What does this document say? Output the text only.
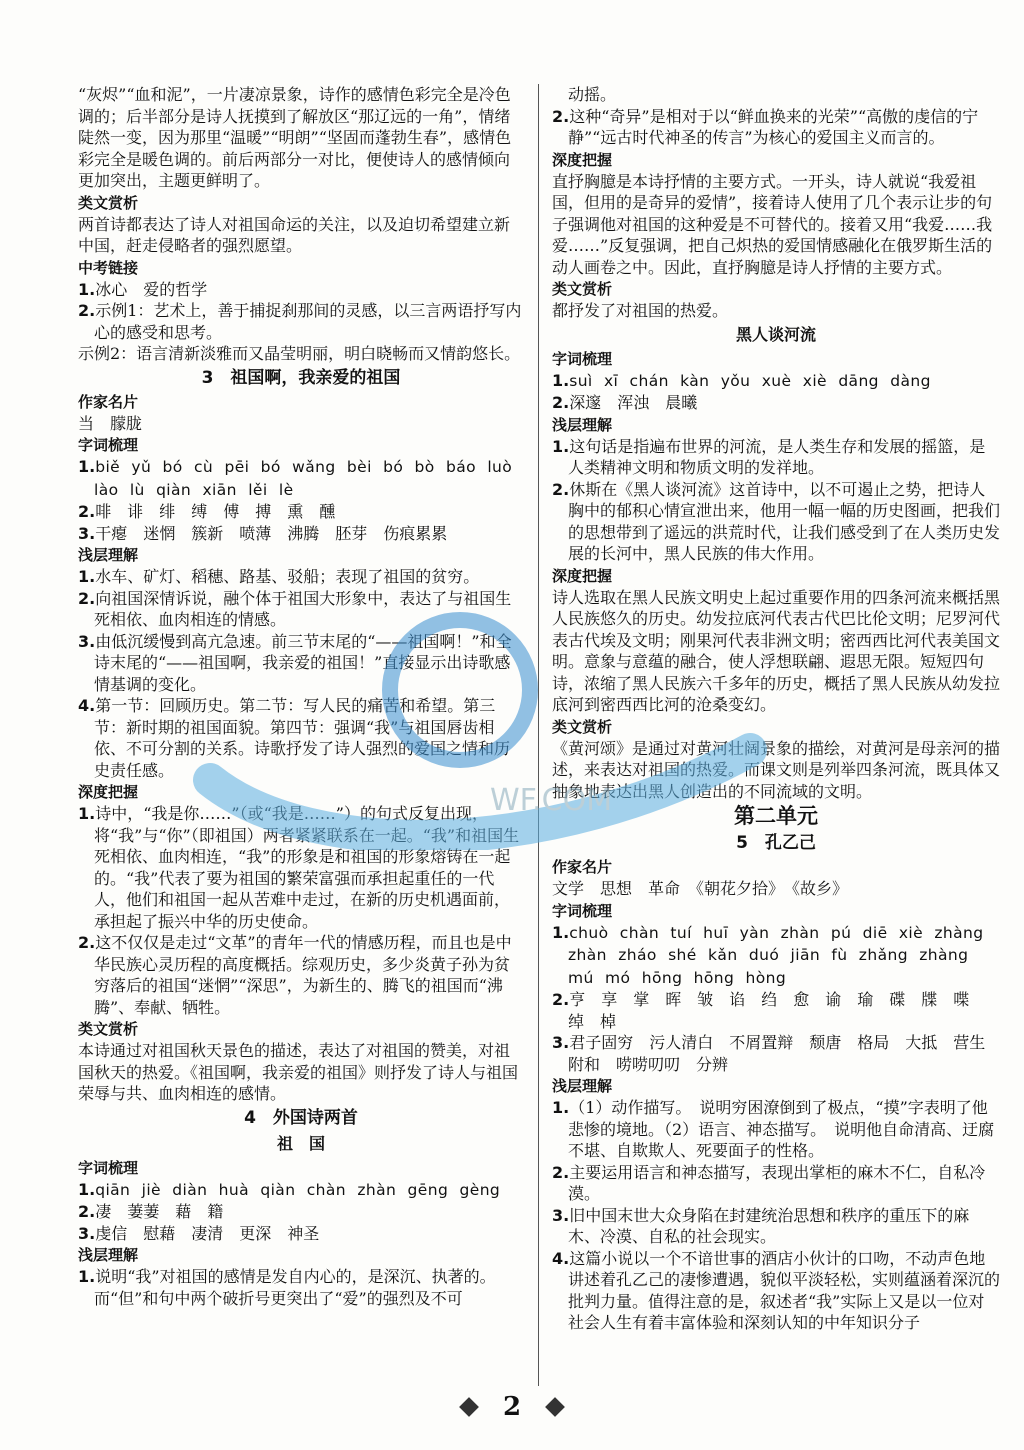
“灰烬”“血和泥”，一片凄凉景象，诗作的感情色彩完全是冷色调的；后半部分是诗人抚摸到了解放区“那辽远的一角”，情绪陡然一变，因为那里“温暖”“明朗”“坚固而蓬勃生春”，感情色彩完全是暖色调的。前后两部分一对比，便使诗人的感情倾向更加突出，主题更鲜明了。

类文赏析

两首诗都表达了诗人对祖国命运的关注，以及迫切希望建立新中国，赶走侵略者的强烈愿望。

中考链接
1.冰心　爱的哲学
2.示例1：艺术上，善于捕捉刹那间的灵感，以三言两语抒写内心的感受和思考。
示例2：语言清新淡雅而又晶莹明丽，明白晓畅而又情韵悠长。
3　祖国啊，我亲爱的祖国
作家名片

当　朦胧

字词梳理
1.biě yǔ bó cù pēi bó wǎng bèi bó bò báo luò lào lù qiàn xiān lěi lè
2.啡　诽　绯　缚　傅　搏　熏　醺
3.干瘪　迷惘　簇新　喷薄　沸腾　胚芽　伤痕累累
浅层理解
1.水车、矿灯、稻穗、路基、驳船；表现了祖国的贫穷。
2.向祖国深情诉说，融个体于祖国大形象中，表达了与祖国生死相依、血肉相连的情感。
3.由低沉缓慢到高亢急速。前三节末尾的“——祖国啊！”和全诗末尾的“——祖国啊，我亲爱的祖国！”直接显示出诗歌感情基调的变化。
4.第一节：回顾历史。第二节：写人民的痛苦和希望。第三节：新时期的祖国面貌。第四节：强调“我”与祖国唇齿相依、不可分割的关系。诗歌抒发了诗人强烈的爱国之情和历史责任感。
深度把握
1.诗中，“我是你……”（或“我是……”）的句式反复出现，将“我”与“你”（即祖国）两者紧紧联系在一起。“我”和祖国生死相依、血肉相连，“我”的形象是和祖国的形象熔铸在一起的。“我”代表了要为祖国的繁荣富强而承担起重任的一代人，他们和祖国一起从苦难中走过，在新的历史机遇面前，承担起了振兴中华的历史使命。
2.这不仅仅是走过“文革”的青年一代的情感历程，而且也是中华民族心灵历程的高度概括。综观历史，多少炎黄子孙为贫穷落后的祖国“迷惘”“深思”，为新生的、腾飞的祖国而“沸腾”、奉献、牺牲。
类文赏析

本诗通过对祖国秋天景色的描述，表达了对祖国的赞美，对祖国秋天的热爱。《祖国啊，我亲爱的祖国》则抒发了诗人与祖国荣辱与共、血肉相连的感情。

4　外国诗两首
祖　国
字词梳理
1.qiān jiè diàn huà qiàn chàn zhàn gēng gèng
2.凄　萋萋　藉　籍
3.虔信　慰藉　凄清　更深　神圣
浅层理解
1.说明“我”对祖国的感情是发自内心的，是深沉、执著的。而“但”和句中两个破折号更突出了“爱”的强烈及不可

动摇。

2.这种“奇异”是相对于以“鲜血换来的光荣”“高傲的虔信的宁静”“远古时代神圣的传言”为核心的爱国主义而言的。
深度把握

直抒胸臆是本诗抒情的主要方式。一开头，诗人就说“我爱祖国，但用的是奇异的爱情”，接着诗人使用了几个表示让步的句子强调他对祖国的这种爱是不可替代的。接着又用“我爱……我爱……”反复强调，把自己炽热的爱国情感融化在俄罗斯生活的动人画卷之中。因此，直抒胸臆是诗人抒情的主要方式。

类文赏析

都抒发了对祖国的热爱。

黑人谈河流
字词梳理
1.suì xī chán kàn yǒu xuè xiè dāng dàng
2.深邃　浑浊　晨曦
浅层理解
1.这句话是指遍布世界的河流，是人类生存和发展的摇篮，是人类精神文明和物质文明的发祥地。
2.休斯在《黑人谈河流》这首诗中，以不可遏止之势，把诗人胸中的郁积心情宣泄出来，他用一幅一幅的历史图画，把我们的思想带到了遥远的洪荒时代，让我们感受到了在人类历史发展的长河中，黑人民族的伟大作用。
深度把握

诗人选取在黑人民族文明史上起过重要作用的四条河流来概括黑人民族悠久的历史。幼发拉底河代表古代巴比伦文明；尼罗河代表古代埃及文明；刚果河代表非洲文明；密西西比河代表美国文明。意象与意蕴的融合，使人浮想联翩、遐思无限。短短四句诗，浓缩了黑人民族六千多年的历史，概括了黑人民族从幼发拉底河到密西西比河的沧桑变幻。

类文赏析

《黄河颂》是通过对黄河壮阔景象的描绘，对黄河是母亲河的描述，来表达对祖国的热爱。而课文则是列举四条河流，既具体又抽象地表达出黑人创造出的不同流域的文明。

第二单元
5　孔乙己
作家名片

文学　思想　革命　《朝花夕拾》　《故乡》

字词梳理
1.chuò chàn tuí huī yàn zhàn pú diē xiè zhàng zhàn zháo shé kǎn duó jiān fù zhǎng zhàng mú mó hōng hōng hòng
2.亨　享　掌　晖　皱　谄　绉　愈　谕　瑜　碟　牒　喋　绰　棹
3.君子固穷　污人清白　不屑置辩　颓唐　格局　大抵　营生　附和　唠唠叨叨　分辨
浅层理解
1.（1）动作描写。　说明穷困潦倒到了极点，“摸”字表明了他悲惨的境地。（2）语言、神态描写。　说明他自命清高、迂腐不堪、自欺欺人、死要面子的性格。
2.主要运用语言和神态描写，表现出掌柜的麻木不仁，自私冷漠。
3.旧中国末世大众身陷在封建统治思想和秩序的重压下的麻木、冷漠、自私的社会现实。
4.这篇小说以一个不谙世事的酒店小伙计的口吻，不动声色地讲述着孔乙己的凄惨遭遇，貌似平淡轻松，实则蕴涵着深沉的批判力量。值得注意的是，叙述者“我”实际上又是以一位对社会人生有着丰富体验和深刻认知的中年知识分子
WF.COM
2
